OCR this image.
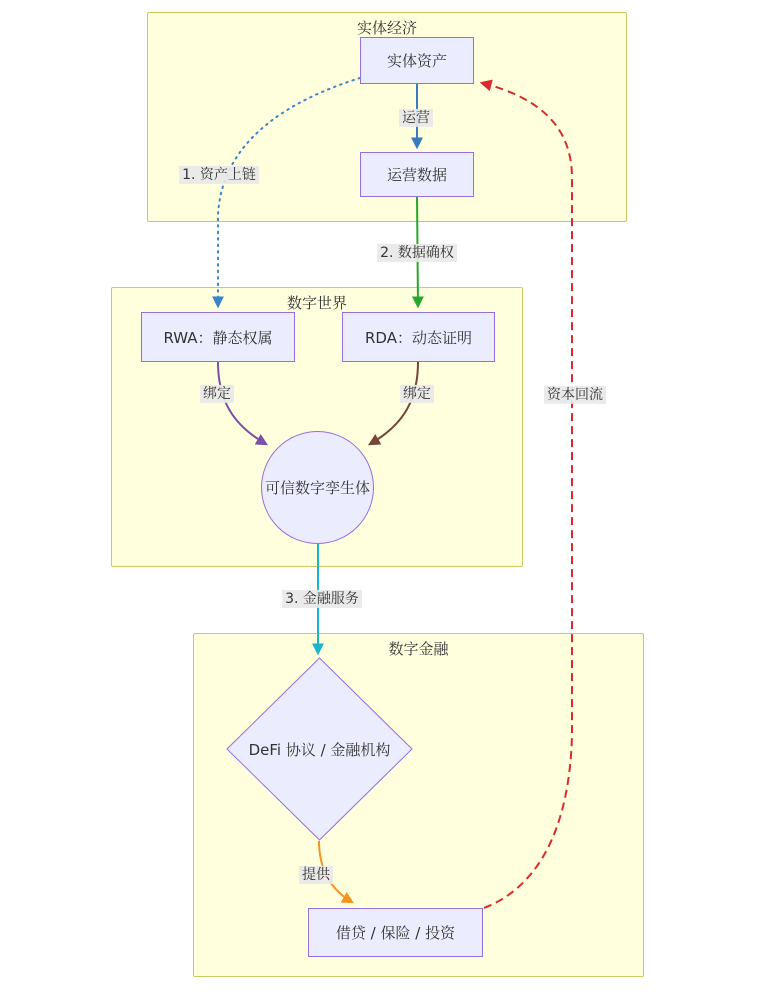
实体经济
数字世界
数字金融
实体资产
运营数据
RWA：静态权属	RDA：动态证明
可信数字孪生体
DeFi 协议 / 金融机构
借贷 / 保险 / 投资
运营
1. 资产上链
2. 数据确权
绑定	绑定	资本回流
3. 金融服务
提供
